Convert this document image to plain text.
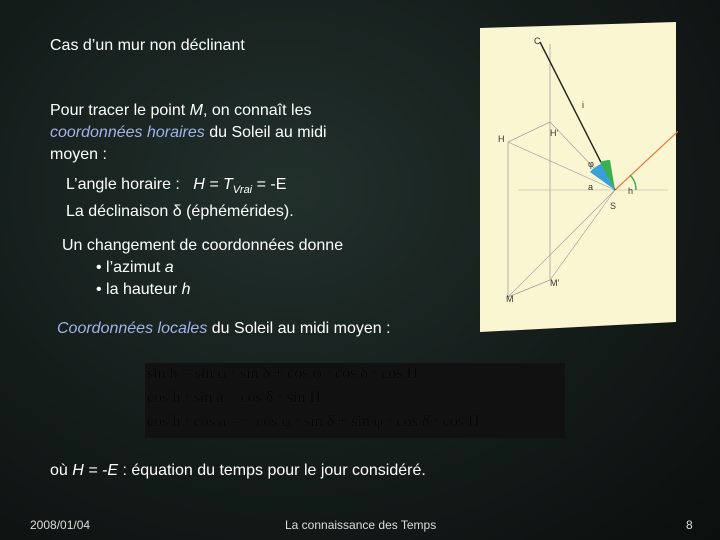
Cas d’un mur non déclinant
Pour tracer le point M, on connaît les
coordonnées horaires du Soleil au midi
moyen :
L’angle horaire :   $H = T_{Vrai} = -E$
La déclinaison δ (éphémérides).
Un changement de coordonnées donne
• l’azimut a
• la hauteur h
Coordonnées locales du Soleil au midi moyen :
sin h = sin φ · sin δ + cos φ · cos δ · cos H
cos h · sin a = cos δ · sin H
cos h · cos a = − cos φ · sin δ + sin φ · cos δ · cos H
où H = -E : équation du temps pour le jour considéré.
2008/01/04	La connaissance des Temps	8
C
i
H
H’
φ
a	h
S
M’
M
